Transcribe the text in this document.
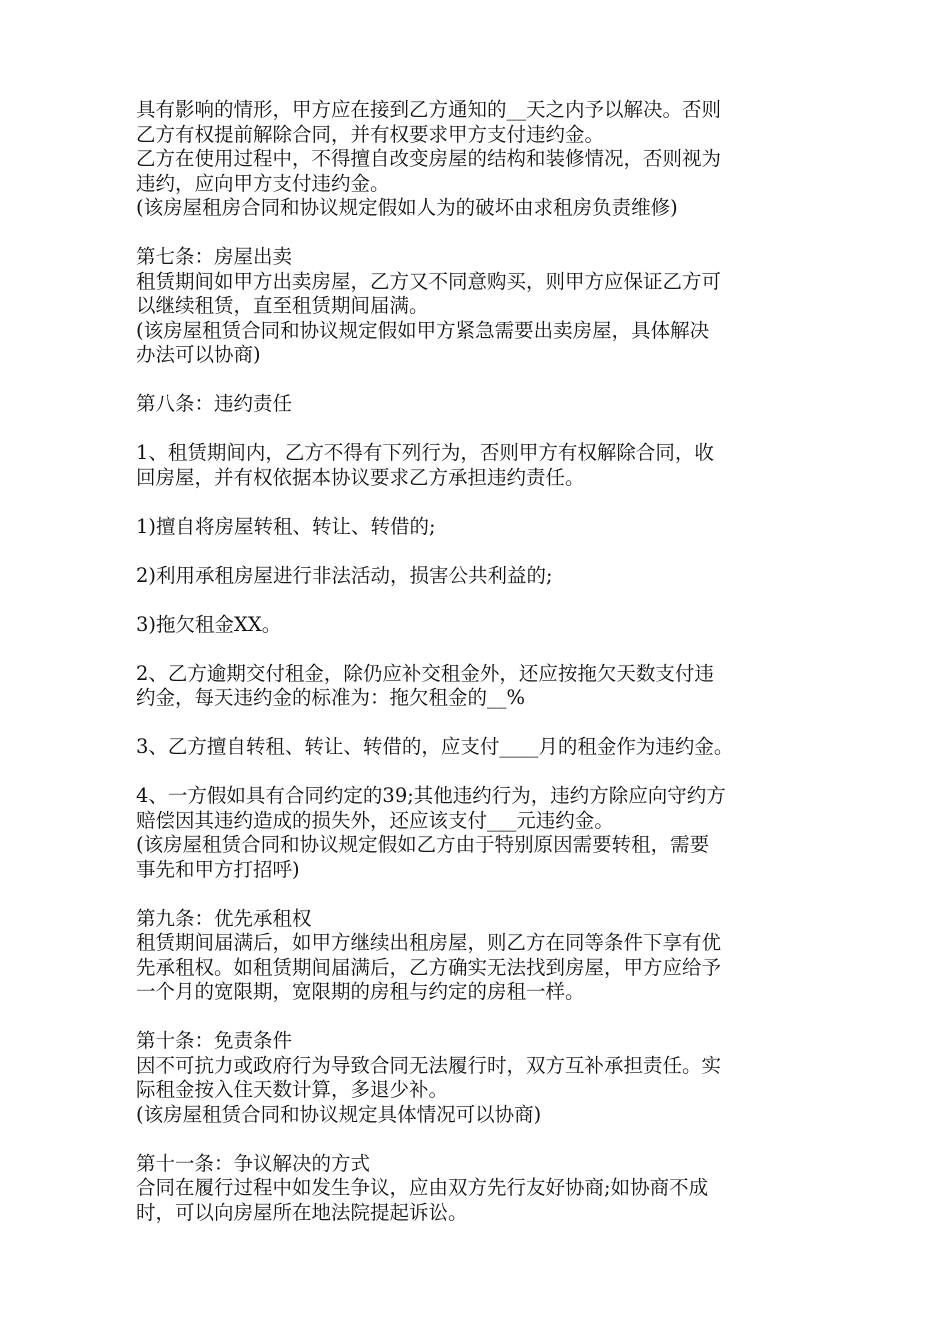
具有影响的情形，甲方应在接到乙方通知的__天之内予以解决。否则
乙方有权提前解除合同，并有权要求甲方支付违约金。
乙方在使用过程中，不得擅自改变房屋的结构和装修情况，否则视为
违约，应向甲方支付违约金。
(该房屋租房合同和协议规定假如人为的破坏由求租房负责维修)
第七条：房屋出卖
租赁期间如甲方出卖房屋，乙方又不同意购买，则甲方应保证乙方可
以继续租赁，直至租赁期间届满。
(该房屋租赁合同和协议规定假如甲方紧急需要出卖房屋，具体解决
办法可以协商)
第八条：违约责任
1、租赁期间内，乙方不得有下列行为，否则甲方有权解除合同，收
回房屋，并有权依据本协议要求乙方承担违约责任。
1)擅自将房屋转租、转让、转借的;
2)利用承租房屋进行非法活动，损害公共利益的;
3)拖欠租金XX。
2、乙方逾期交付租金，除仍应补交租金外，还应按拖欠天数支付违
约金，每天违约金的标准为：拖欠租金的__%
3、乙方擅自转租、转让、转借的，应支付____月的租金作为违约金。
4、一方假如具有合同约定的39;其他违约行为，违约方除应向守约方
赔偿因其违约造成的损失外，还应该支付___元违约金。
(该房屋租赁合同和协议规定假如乙方由于特别原因需要转租，需要
事先和甲方打招呼)
第九条：优先承租权
租赁期间届满后，如甲方继续出租房屋，则乙方在同等条件下享有优
先承租权。如租赁期间届满后，乙方确实无法找到房屋，甲方应给予
一个月的宽限期，宽限期的房租与约定的房租一样。
第十条：免责条件
因不可抗力或政府行为导致合同无法履行时，双方互补承担责任。实
际租金按入住天数计算，多退少补。
(该房屋租赁合同和协议规定具体情况可以协商)
第十一条：争议解决的方式
合同在履行过程中如发生争议，应由双方先行友好协商;如协商不成
时，可以向房屋所在地法院提起诉讼。
